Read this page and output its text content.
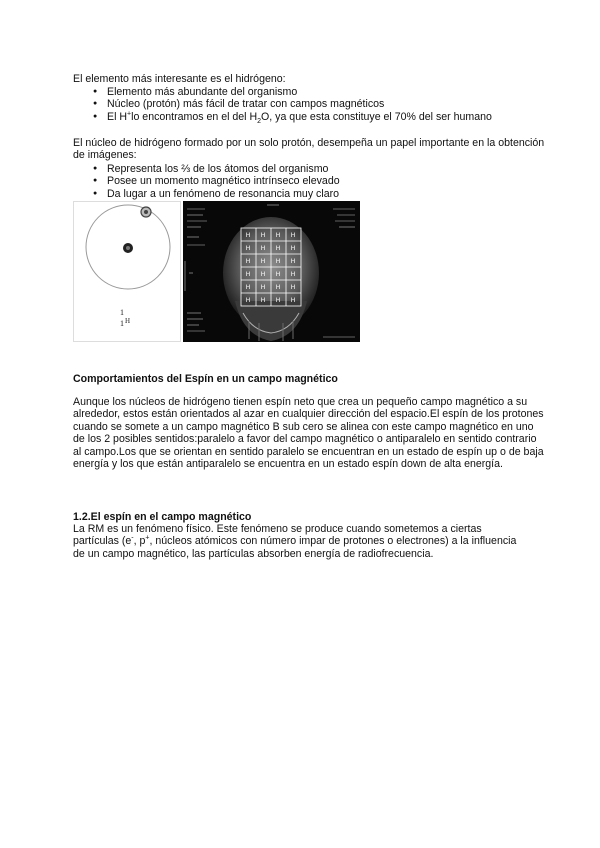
El elemento más interesante es el hidrógeno:

● Elemento más abundante del organismo
● Núcleo (protón) más fácil de tratar con campos magnéticos
● El H+lo encontramos en el del $H_2O$, ya que esta constituye el 70% del ser humano

El núcleo de hidrógeno formado por un solo protón, desempeña un papel importante en la obtención de imágenes:

● Representa los ⅔ de los átomos del organismo
● Posee un momento magnético intrínseco elevado
● Da lugar a un fenómeno de resonancia muy claro
1
1 H
H H H H
H H H H
H H H H
H H H H
H H H H
H H H H

Comportamientos del Espín en un campo magnético

Aunque los núcleos de hidrógeno tienen espín neto que crea un pequeño campo magnético a su alrededor, estos están orientados al azar en cualquier dirección del espacio.El espín de los protones cuando se somete a un campo magnético B sub cero se alinea con este campo magnético en uno de los 2 posibles sentidos:paralelo a favor del campo magnético o antiparalelo en sentido contrario al campo.Los que se orientan en sentido paralelo se encuentran en un estado de espín up o de baja energía y los que están antiparalelo se encuentra en un estado espín down de alta energía.

1.2.El espín en el campo magnético

La RM es un fenómeno físico. Este fenómeno se produce cuando sometemos a ciertas
partículas (e-, p+, núcleos atómicos con número impar de protones o electrones) a la influencia
de un campo magnético, las partículas absorben energía de radiofrecuencia.
